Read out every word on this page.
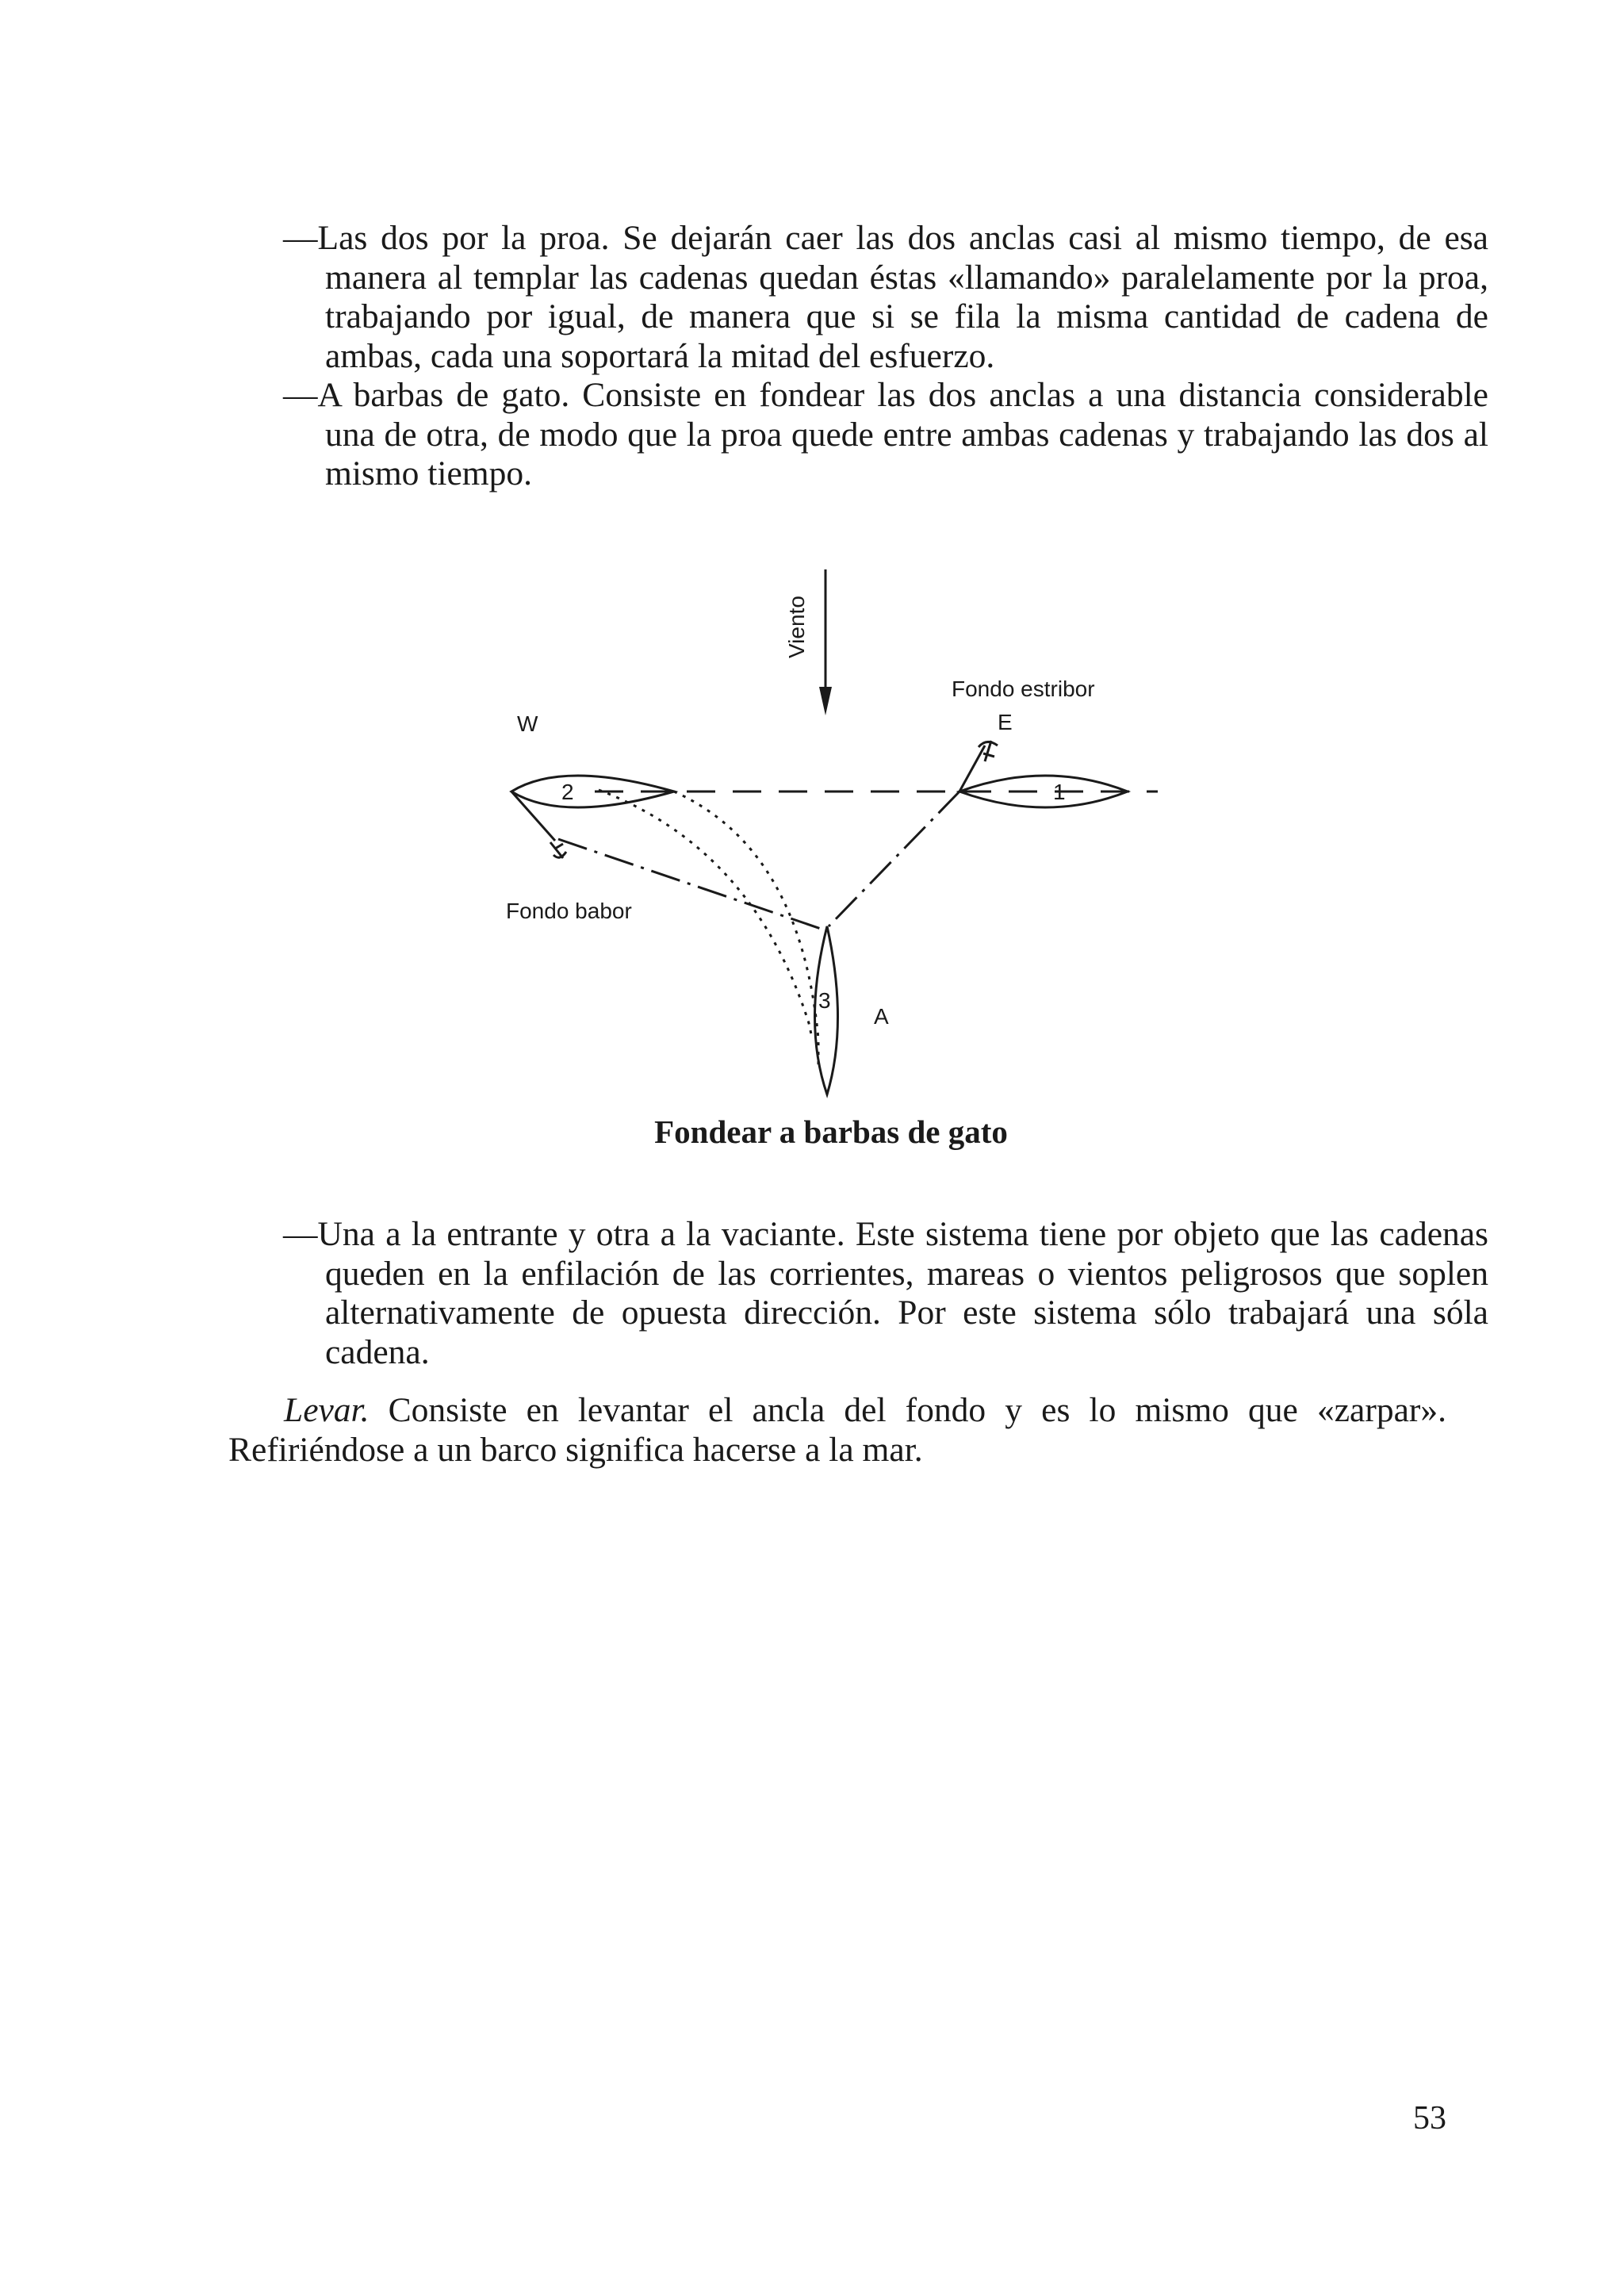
—Las dos por la proa. Se dejarán caer las dos anclas casi al mismo tiempo, de esa manera al templar las cadenas quedan éstas «llamando» paralelamente por la proa, trabajando por igual, de manera que si se fila la misma cantidad de cadena de ambas, cada una soportará la mitad del esfuerzo.

—A barbas de gato. Consiste en fondear las dos anclas a una distancia considerable una de otra, de modo que la proa quede entre ambas cadenas y trabajando las dos al mismo tiempo.

Viento
Fondo estribor
W	E
2	1
Fondo babor
3
A
Fondear a barbas de gato

—Una a la entrante y otra a la vaciante. Este sistema tiene por objeto que las cadenas queden en la enfilación de las corrientes, mareas o vientos peligrosos que soplen alternativamente de opuesta dirección. Por este sistema sólo trabajará una sóla cadena.

Levar. Consiste en levantar el ancla del fondo y es lo mismo que «zarpar». Refiriéndose a un barco significa hacerse a la mar.

53
